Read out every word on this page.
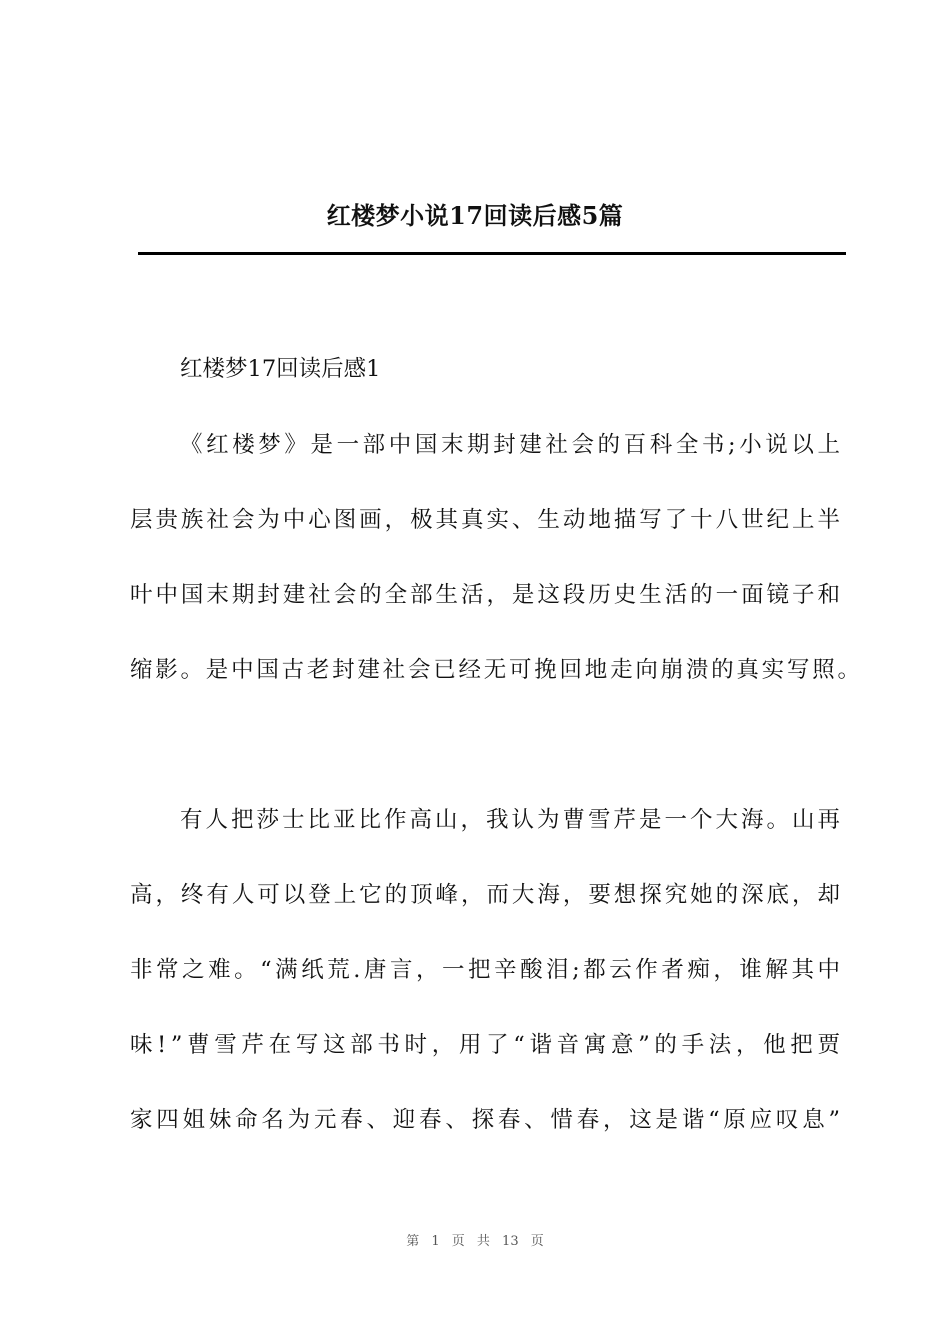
红楼梦小说17回读后感5篇
红楼梦17回读后感1
《红楼梦》是一部中国末期封建社会的百科全书;小说以上
层贵族社会为中心图画，极其真实、生动地描写了十八世纪上半
叶中国末期封建社会的全部生活，是这段历史生活的一面镜子和
缩影。是中国古老封建社会已经无可挽回地走向崩溃的真实写照。
有人把莎士比亚比作高山，我认为曹雪芹是一个大海。山再
高，终有人可以登上它的顶峰，而大海，要想探究她的深底，却
非常之难。“满纸荒.唐言，一把辛酸泪;都云作者痴，谁解其中
味!”曹雪芹在写这部书时，用了“谐音寓意”的手法，他把贾
家四姐妹命名为元春、迎春、探春、惜春，这是谐“原应叹息”
第 1 页 共 13 页
